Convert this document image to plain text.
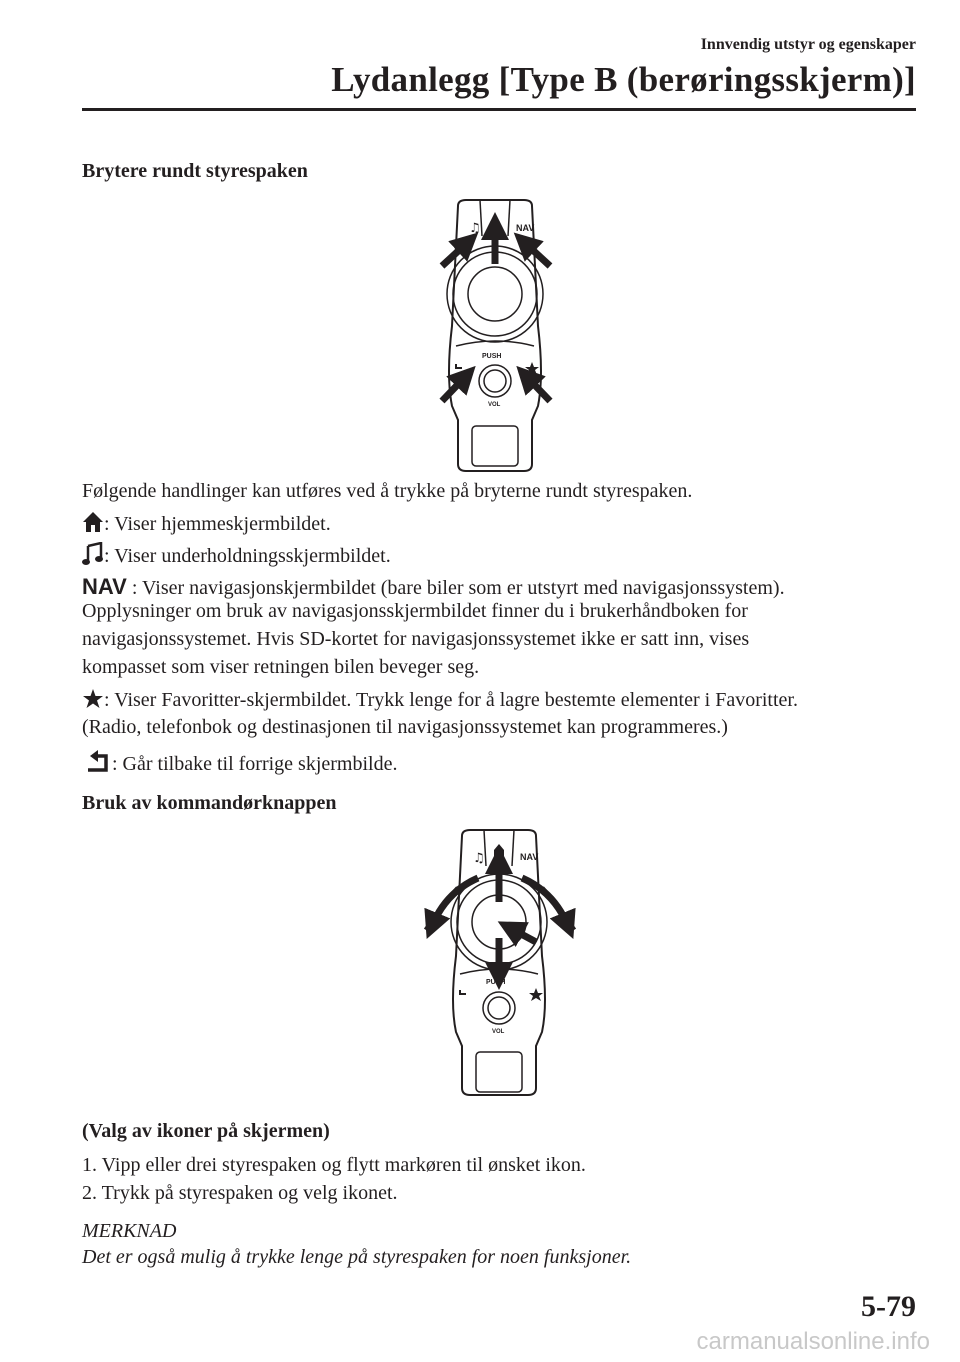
Innvendig utstyr og egenskaper
Lydanlegg [Type B (berøringsskjerm)]
Brytere rundt styrespaken
♫	NAV
PUSH
VOL
Følgende handlinger kan utføres ved å trykke på bryterne rundt styrespaken.
: Viser hjemmeskjermbildet.
: Viser underholdningsskjermbildet.
NAV : Viser navigasjonskjermbildet (bare biler som er utstyrt med navigasjonssystem).
Opplysninger om bruk av navigasjonsskjermbildet finner du i brukerhåndboken for
navigasjonssystemet. Hvis SD-kortet for navigasjonssystemet ikke er satt inn, vises
kompasset som viser retningen bilen beveger seg.
: Viser Favoritter-skjermbildet. Trykk lenge for å lagre bestemte elementer i Favoritter.
(Radio, telefonbok og destinasjonen til navigasjonssystemet kan programmeres.)
: Går tilbake til forrige skjermbilde.
Bruk av kommandørknappen
♫	NAV
PUSH
VOL
(Valg av ikoner på skjermen)
1. Vipp eller drei styrespaken og flytt markøren til ønsket ikon.
2. Trykk på styrespaken og velg ikonet.
MERKNAD
Det er også mulig å trykke lenge på styrespaken for noen funksjoner.
5-79
carmanualsonline.info
